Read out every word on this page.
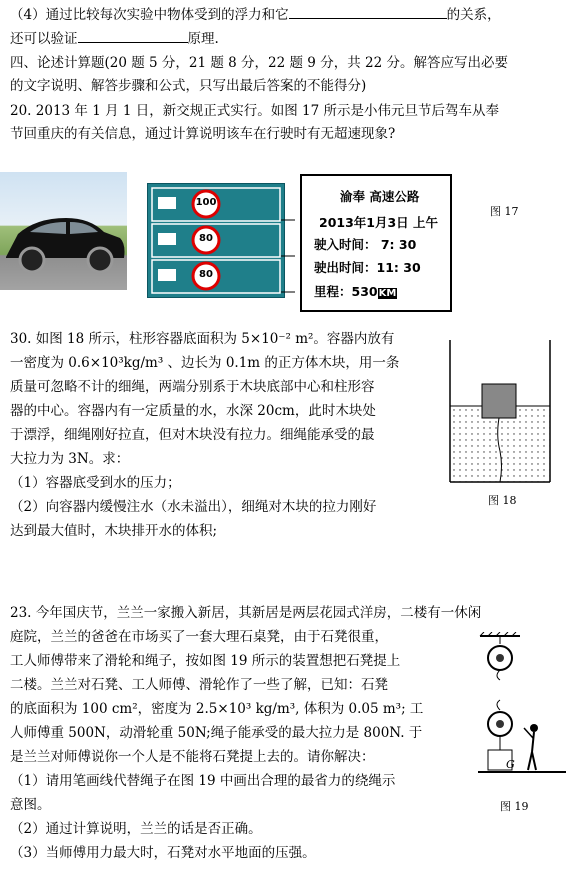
（4）通过比较每次实验中物体受到的浮力和它	的关系，
还可以验证	原理.
四、论述计算题(20 题 5 分，21 题 8 分，22 题 9 分，共 22 分。解答应写出必要
的文字说明、解答步骤和公式，只写出最后答案的不能得分)
20. 2013 年 1 月 1 日，新交规正式实行。如图 17 所示是小伟元旦节后驾车从奉
节回重庆的有关信息，通过计算说明该车在行驶时有无超速现象?
100
80
80
渝奉 高速公路
2013年1月3日 上午
驶入时间： 7: 30
驶出时间：11: 30
里程：530KM
图 17
30. 如图 18 所示，柱形容器底面积为 5×10⁻² m²。容器内放有
一密度为 0.6×10³kg/m³ 、边长为 0.1m 的正方体木块，用一条
质量可忽略不计的细绳，两端分别系于木块底部中心和柱形容
器的中心。容器内有一定质量的水，水深 20cm，此时木块处
于漂浮，细绳刚好拉直，但对木块没有拉力。细绳能承受的最
大拉力为 3N。求：
（1）容器底受到水的压力；
（2）向容器内缓慢注水（水未溢出），细绳对木块的拉力刚好
达到最大值时，木块排开水的体积;
图 18
23. 今年国庆节，兰兰一家搬入新居，其新居是两层花园式洋房，二楼有一休闲
庭院，兰兰的爸爸在市场买了一套大理石桌凳，由于石凳很重，
工人师傅带来了滑轮和绳子，按如图 19 所示的装置想把石凳提上
二楼。兰兰对石凳、工人师傅、滑轮作了一些了解，已知：石凳
的底面积为 100 cm²，密度为 2.5×10³ kg/m³, 体积为 0.05 m³; 工
人师傅重 500N，动滑轮重 50N;绳子能承受的最大拉力是 800N. 于
是兰兰对师傅说你一个人是不能将石凳提上去的。请你解决：
（1）请用笔画线代替绳子在图 19 中画出合理的最省力的绕绳示
意图。
（2）通过计算说明，兰兰的话是否正确。
（3）当师傅用力最大时，石凳对水平地面的压强。
G
图 19
